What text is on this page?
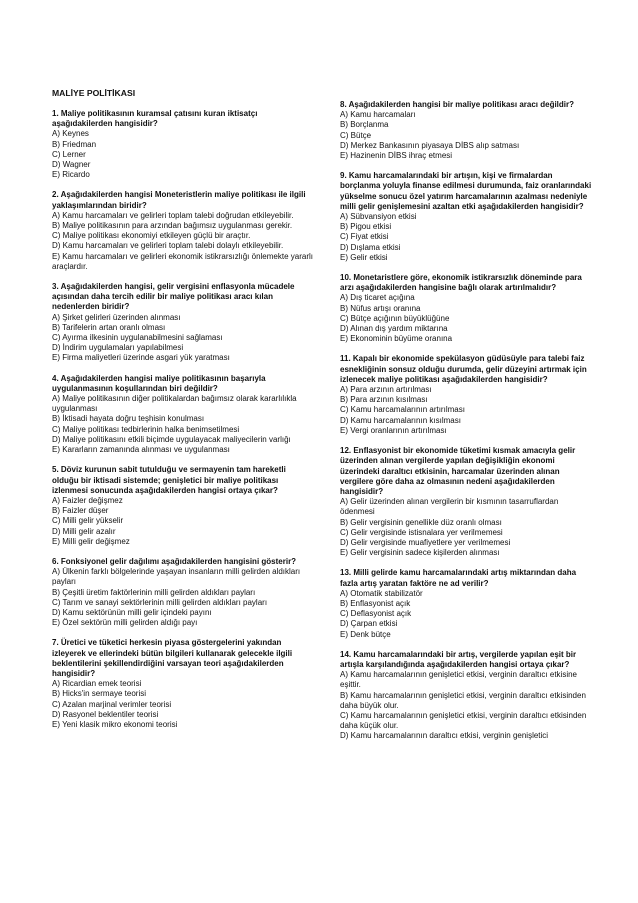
MALİYE POLİTİKASI

1. Maliye politikasının kuramsal çatısını kuran iktisatçı aşağıdakilerden hangisidir?

A) Keynes

B) Friedman

C) Lerner

D) Wagner

E) Ricardo

2. Aşağıdakilerden hangisi Moneteristlerin maliye politikası ile ilgili yaklaşımlarından biridir?

A) Kamu harcamaları ve gelirleri toplam talebi doğrudan etkileyebilir.

B) Maliye politikasının para arzından bağımsız uygulanması gerekir.

C) Maliye politikası ekonomiyi etkileyen güçlü bir araçtır.

D) Kamu harcamaları ve gelirleri toplam talebi dolaylı etkileyebilir.

E) Kamu harcamaları ve gelirleri ekonomik istikrarsızlığı önlemekte yararlı araçlardır.

3. Aşağıdakilerden hangisi, gelir vergisini enflasyonla mücadele açısından daha tercih edilir bir maliye politikası aracı kılan nedenlerden biridir?

A) Şirket gelirleri üzerinden alınması

B) Tarifelerin artan oranlı olması

C) Ayırma ilkesinin uygulanabilmesini sağlaması

D) İndirim uygulamaları yapılabilmesi

E) Firma maliyetleri üzerinde asgari yük yaratması

4. Aşağıdakilerden hangisi maliye politikasının başarıyla uygulanmasının koşullarından biri değildir?

A) Maliye politikasının diğer politikalardan bağımsız olarak kararlılıkla uygulanması

B) İktisadi hayata doğru teşhisin konulması

C) Maliye politikası tedbirlerinin halka benimsetilmesi

D) Maliye politikasını etkili biçimde uygulayacak maliyecilerin varlığı

E) Kararların zamanında alınması ve uygulanması

5. Döviz kurunun sabit tutulduğu ve sermayenin tam hareketli olduğu bir iktisadi sistemde; genişletici bir maliye politikası izlenmesi sonucunda aşağıdakilerden hangisi ortaya çıkar?

A) Faizler değişmez

B) Faizler düşer

C) Milli gelir yükselir

D) Milli gelir azalır

E) Milli gelir değişmez

6. Fonksiyonel gelir dağılımı aşağıdakilerden hangisini gösterir?

A) Ülkenin farklı bölgelerinde yaşayan insanların milli gelirden aldıkları payları

B) Çeşitli üretim faktörlerinin milli gelirden aldıkları payları

C) Tarım ve sanayi sektörlerinin milli gelirden aldıkları payları

D) Kamu sektörünün milli gelir içindeki payını

E) Özel sektörün milli gelirden aldığı payı

7. Üretici ve tüketici herkesin piyasa göstergelerini yakından izleyerek ve ellerindeki bütün bilgileri kullanarak gelecekle ilgili beklentilerini şekillendirdiğini varsayan teori aşağıdakilerden hangisidir?

A) Ricardian emek teorisi

B) Hicks'in sermaye teorisi

C) Azalan marjinal verimler teorisi

D) Rasyonel beklentiler teorisi

E) Yeni klasik mikro ekonomi teorisi

8. Aşağıdakilerden hangisi bir maliye politikası aracı değildir?

A) Kamu harcamaları

B) Borçlanma

C) Bütçe

D) Merkez Bankasının piyasaya DİBS alıp satması

E) Hazinenin DİBS ihraç etmesi

9. Kamu harcamalarındaki bir artışın, kişi ve firmalardan borçlanma yoluyla finanse edilmesi durumunda, faiz oranlarındaki yükselme sonucu özel yatırım harcamalarının azalması nedeniyle milli gelir genişlemesini azaltan etki aşağıdakilerden hangisidir?

A) Sübvansiyon etkisi

B) Pigou etkisi

C) Fiyat etkisi

D) Dışlama etkisi

E) Gelir etkisi

10. Monetaristlere göre, ekonomik istikrarsızlık döneminde para arzı aşağıdakilerden hangisine bağlı olarak artırılmalıdır?

A) Dış ticaret açığına

B) Nüfus artışı oranına

C) Bütçe açığının büyüklüğüne

D) Alınan dış yardım miktarına

E) Ekonominin büyüme oranına

11. Kapalı bir ekonomide spekülasyon güdüsüyle para talebi faiz esnekliğinin sonsuz olduğu durumda, gelir düzeyini artırmak için izlenecek maliye politikası aşağıdakilerden hangisidir?

A) Para arzının artırılması

B) Para arzının kısılması

C) Kamu harcamalarının artırılması

D) Kamu harcamalarının kısılması

E) Vergi oranlarının artırılması

12. Enflasyonist bir ekonomide tüketimi kısmak amacıyla gelir üzerinden alınan vergilerde yapılan değişikliğin ekonomi üzerindeki daraltıcı etkisinin, harcamalar üzerinden alınan vergilere göre daha az olmasının nedeni aşağıdakilerden hangisidir?

A) Gelir üzerinden alınan vergilerin bir kısmının tasarruflardan ödenmesi

B) Gelir vergisinin genellikle düz oranlı olması

C) Gelir vergisinde istisnalara yer verilmemesi

D) Gelir vergisinde muafiyetlere yer verilmemesi

E) Gelir vergisinin sadece kişilerden alınması

13. Milli gelirde kamu harcamalarındaki artış miktarından daha fazla artış yaratan faktöre ne ad verilir?

A) Otomatik stabilizatör

B) Enflasyonist açık

C) Deflasyonist açık

D) Çarpan etkisi

E) Denk bütçe

14. Kamu harcamalarındaki bir artış, vergilerde yapılan eşit bir artışla karşılandığında aşağıdakilerden hangisi ortaya çıkar?

A) Kamu harcamalarının genişletici etkisi, verginin daraltıcı etkisine eşittir.

B) Kamu harcamalarının genişletici etkisi, verginin daraltıcı etkisinden daha büyük olur.

C) Kamu harcamalarının genişletici etkisi, verginin daraltıcı etkisinden daha küçük olur.

D) Kamu harcamalarının daraltıcı etkisi, verginin genişletici
